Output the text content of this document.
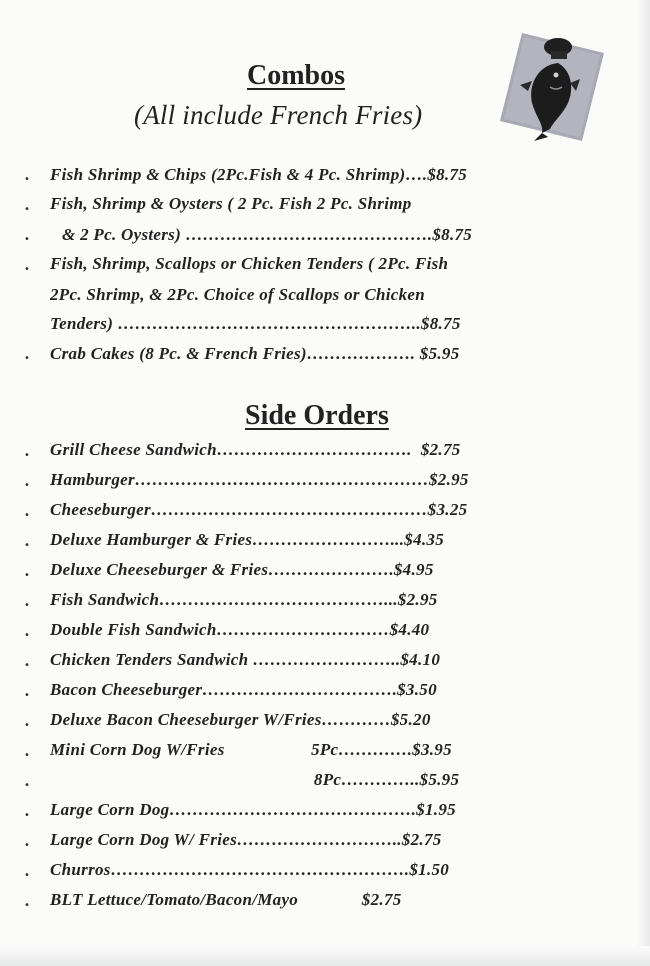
Combos
(All include French Fries)
• Fish Shrimp & Chips (2Pc.Fish & 4 Pc. Shrimp)….$8.75
• Fish, Shrimp & Oysters ( 2 Pc. Fish 2 Pc. Shrimp
• & 2 Pc. Oysters) …………………………………….$8.75
• Fish, Shrimp, Scallops or Chicken Tenders ( 2Pc. Fish
2Pc. Shrimp, & 2Pc. Choice of Scallops or Chicken
Tenders) ……………………………………………..$8.75
• Crab Cakes (8 Pc. & French Fries)………………. $5.95
Side Orders
• Grill Cheese Sandwich…………………………….  $2.75
• Hamburger……………………………………………$2.95
• Cheeseburger…………………………………………$3.25
• Deluxe Hamburger & Fries……………………...$4.35
• Deluxe Cheeseburger & Fries………………….$4.95
• Fish Sandwich…………………………………...$2.95
• Double Fish Sandwich…………………………$4.40
• Chicken Tenders Sandwich ……………………..$4.10
• Bacon Cheeseburger…………………………….$3.50
• Deluxe Bacon Cheeseburger W/Fries…………$5.20
• Mini Corn Dog W/Fries                   5Pc………….$3.95
• 8Pc…………..$5.95
• Large Corn Dog…………………………………….$1.95
• Large Corn Dog W/ Fries………………………..$2.75
• Churros…………………………………………….$1.50
• BLT Lettuce/Tomato/Bacon/Mayo              $2.75
